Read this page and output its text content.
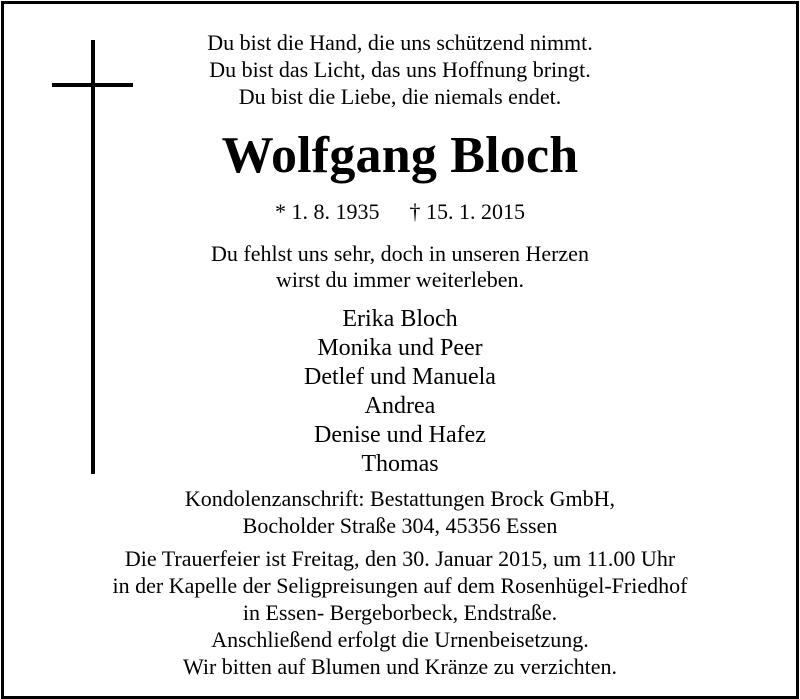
Du bist die Hand, die uns schützend nimmt.
Du bist das Licht, das uns Hoffnung bringt.
Du bist die Liebe, die niemals endet.
Wolfgang Bloch
* 1. 8. 1935 † 15. 1. 2015
Du fehlst uns sehr, doch in unseren Herzen
wirst du immer weiterleben.
Erika Bloch
Monika und Peer
Detlef und Manuela
Andrea
Denise und Hafez
Thomas
Kondolenzanschrift: Bestattungen Brock GmbH,
Bocholder Straße 304, 45356 Essen
Die Trauerfeier ist Freitag, den 30. Januar 2015, um 11.00 Uhr
in der Kapelle der Seligpreisungen auf dem Rosenhügel-Friedhof
in Essen- Bergeborbeck, Endstraße.
Anschließend erfolgt die Urnenbeisetzung.
Wir bitten auf Blumen und Kränze zu verzichten.
